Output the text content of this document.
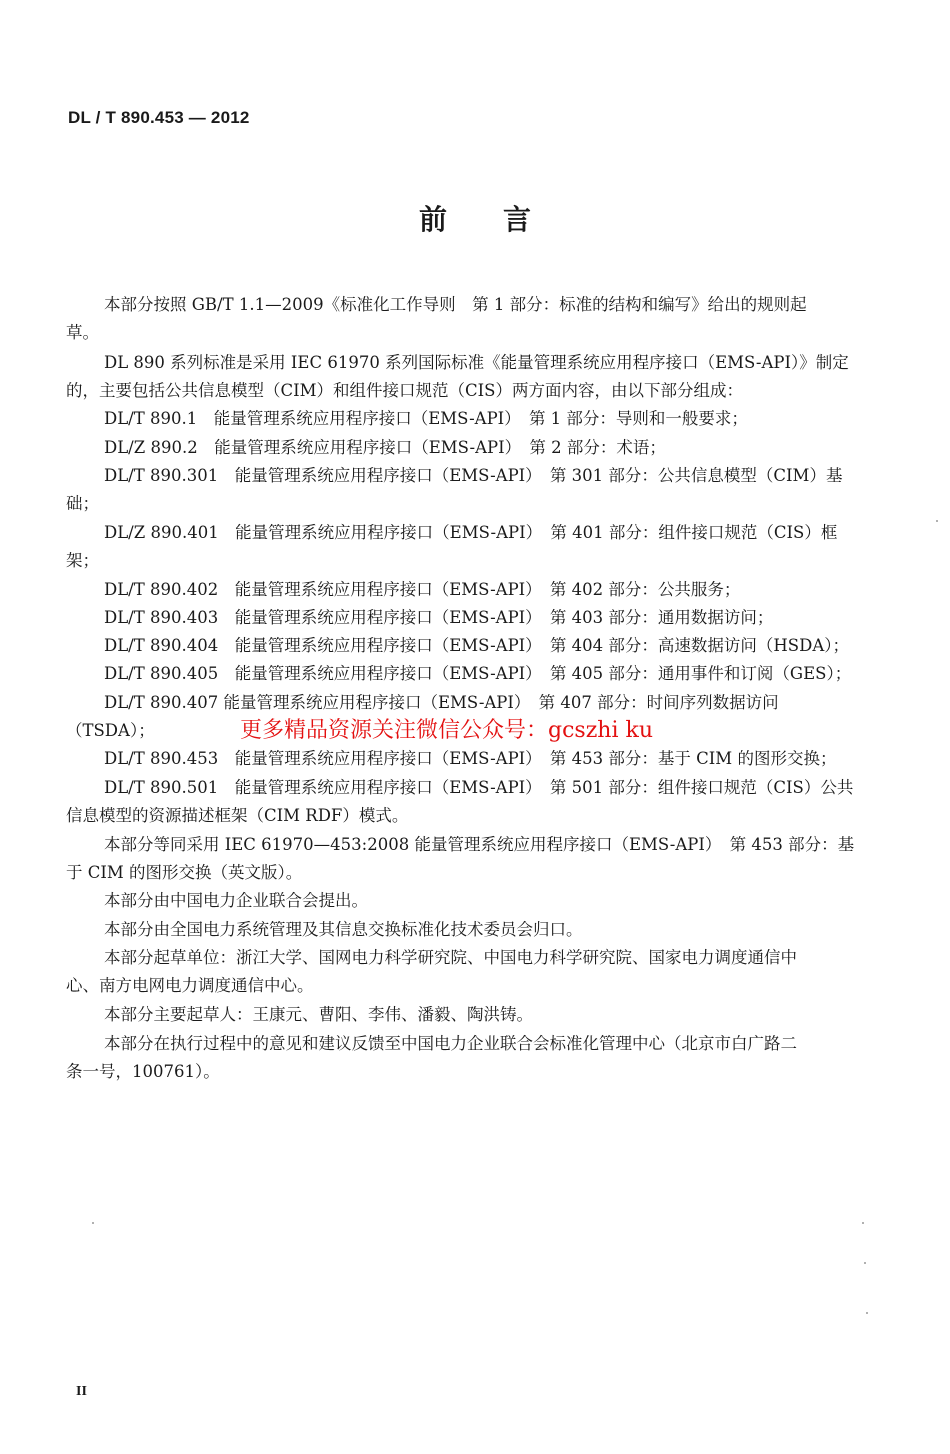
DL / T 890.453 — 2012
前 言
本部分按照 GB/T 1.1—2009《标准化工作导则　第 1 部分：标准的结构和编写》给出的规则起
草。
DL 890 系列标准是采用 IEC 61970 系列国际标准《能量管理系统应用程序接口（EMS-API）》制定
的，主要包括公共信息模型（CIM）和组件接口规范（CIS）两方面内容，由以下部分组成：
DL/T 890.1　能量管理系统应用程序接口（EMS-API）　第 1 部分：导则和一般要求；
DL/Z 890.2　能量管理系统应用程序接口（EMS-API）　第 2 部分：术语；
DL/T 890.301　能量管理系统应用程序接口（EMS-API）　第 301 部分：公共信息模型（CIM）基
础；
DL/Z 890.401　能量管理系统应用程序接口（EMS-API）　第 401 部分：组件接口规范（CIS）框
架；
DL/T 890.402　能量管理系统应用程序接口（EMS-API）　第 402 部分：公共服务；
DL/T 890.403　能量管理系统应用程序接口（EMS-API）　第 403 部分：通用数据访问；
DL/T 890.404　能量管理系统应用程序接口（EMS-API）　第 404 部分：高速数据访问（HSDA）；
DL/T 890.405　能量管理系统应用程序接口（EMS-API）　第 405 部分：通用事件和订阅（GES）；
DL/T 890.407 能量管理系统应用程序接口（EMS-API）　第 407 部分：时间序列数据访问
（TSDA）；
DL/T 890.453　能量管理系统应用程序接口（EMS-API）　第 453 部分：基于 CIM 的图形交换；
DL/T 890.501　能量管理系统应用程序接口（EMS-API）　第 501 部分：组件接口规范（CIS）公共
信息模型的资源描述框架（CIM RDF）模式。
本部分等同采用 IEC 61970—453:2008 能量管理系统应用程序接口（EMS-API）　第 453 部分：基
于 CIM 的图形交换（英文版）。
本部分由中国电力企业联合会提出。
本部分由全国电力系统管理及其信息交换标准化技术委员会归口。
本部分起草单位：浙江大学、国网电力科学研究院、中国电力科学研究院、国家电力调度通信中
心、南方电网电力调度通信中心。
本部分主要起草人：王康元、曹阳、李伟、潘毅、陶洪铸。
本部分在执行过程中的意见和建议反馈至中国电力企业联合会标准化管理中心（北京市白广路二
条一号，100761）。
更多精品资源关注微信公众号：gcszhi ku
II
